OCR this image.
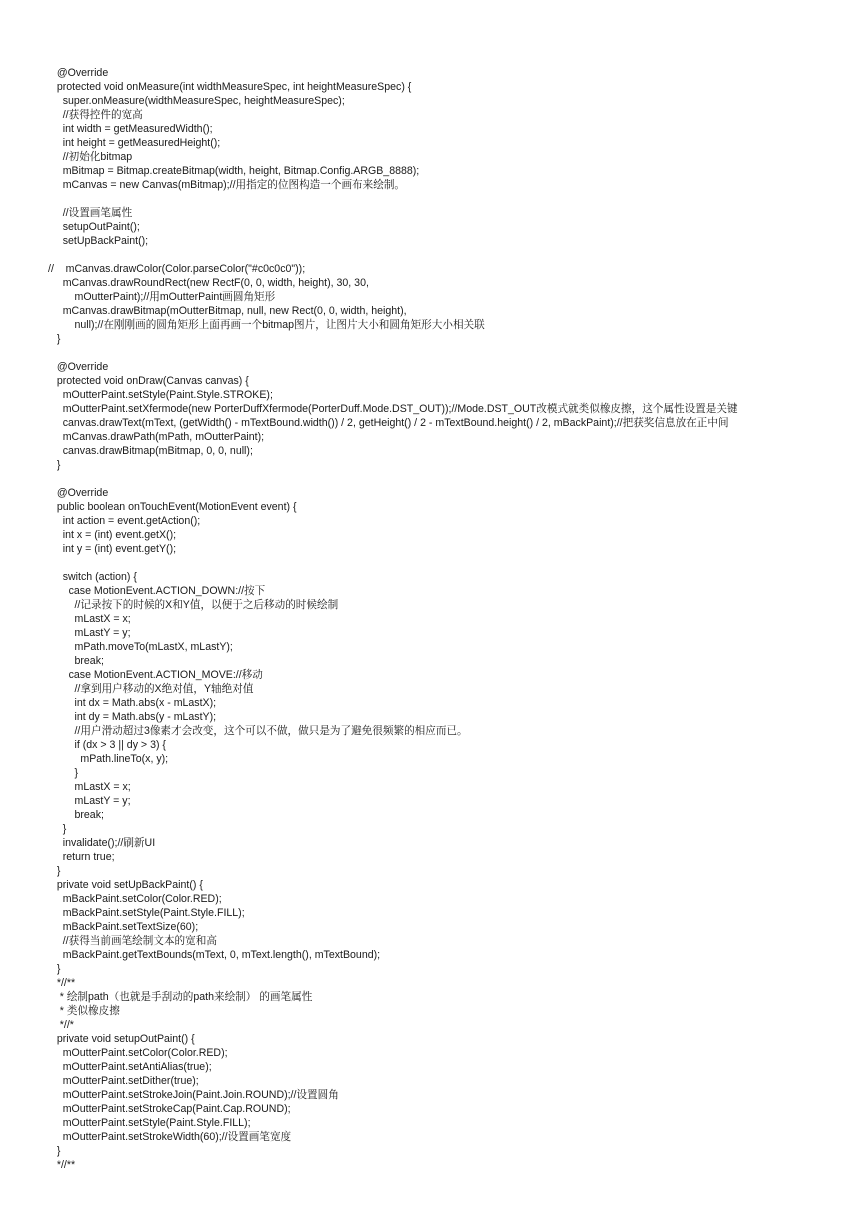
@Override
protected void onMeasure(int widthMeasureSpec, int heightMeasureSpec) {
super.onMeasure(widthMeasureSpec, heightMeasureSpec);
//获得控件的宽高
int width = getMeasuredWidth();
int height = getMeasuredHeight();
//初始化bitmap
mBitmap = Bitmap.createBitmap(width, height, Bitmap.Config.ARGB_8888);
mCanvas = new Canvas(mBitmap);//用指定的位图构造一个画布来绘制。
//设置画笔属性
setupOutPaint();
setUpBackPaint();
//    mCanvas.drawColor(Color.parseColor("#c0c0c0"));
mCanvas.drawRoundRect(new RectF(0, 0, width, height), 30, 30,
mOutterPaint);//用mOutterPaint画圆角矩形
mCanvas.drawBitmap(mOutterBitmap, null, new Rect(0, 0, width, height),
null);//在刚刚画的圆角矩形上面再画一个bitmap图片，让图片大小和圆角矩形大小相关联
}
@Override
protected void onDraw(Canvas canvas) {
mOutterPaint.setStyle(Paint.Style.STROKE);
mOutterPaint.setXfermode(new PorterDuffXfermode(PorterDuff.Mode.DST_OUT));//Mode.DST_OUT改模式就类似橡皮擦，这个属性设置是关键
canvas.drawText(mText, (getWidth() - mTextBound.width()) / 2, getHeight() / 2 - mTextBound.height() / 2, mBackPaint);//把获奖信息放在正中间
mCanvas.drawPath(mPath, mOutterPaint);
canvas.drawBitmap(mBitmap, 0, 0, null);
}
@Override
public boolean onTouchEvent(MotionEvent event) {
int action = event.getAction();
int x = (int) event.getX();
int y = (int) event.getY();
switch (action) {
case MotionEvent.ACTION_DOWN://按下
//记录按下的时候的X和Y值，以便于之后移动的时候绘制
mLastX = x;
mLastY = y;
mPath.moveTo(mLastX, mLastY);
break;
case MotionEvent.ACTION_MOVE://移动
//拿到用户移动的X绝对值，Y轴绝对值
int dx = Math.abs(x - mLastX);
int dy = Math.abs(y - mLastY);
//用户滑动超过3像素才会改变，这个可以不做，做只是为了避免很频繁的相应而已。
if (dx > 3 || dy > 3) {
mPath.lineTo(x, y);
}
mLastX = x;
mLastY = y;
break;
}
invalidate();//刷新UI
return true;
}
private void setUpBackPaint() {
mBackPaint.setColor(Color.RED);
mBackPaint.setStyle(Paint.Style.FILL);
mBackPaint.setTextSize(60);
//获得当前画笔绘制文本的宽和高
mBackPaint.getTextBounds(mText, 0, mText.length(), mTextBound);
}
*//**
* 绘制path（也就是手刮动的path来绘制） 的画笔属性
* 类似橡皮擦
*//*
private void setupOutPaint() {
mOutterPaint.setColor(Color.RED);
mOutterPaint.setAntiAlias(true);
mOutterPaint.setDither(true);
mOutterPaint.setStrokeJoin(Paint.Join.ROUND);//设置圆角
mOutterPaint.setStrokeCap(Paint.Cap.ROUND);
mOutterPaint.setStyle(Paint.Style.FILL);
mOutterPaint.setStrokeWidth(60);//设置画笔宽度
}
*//**
